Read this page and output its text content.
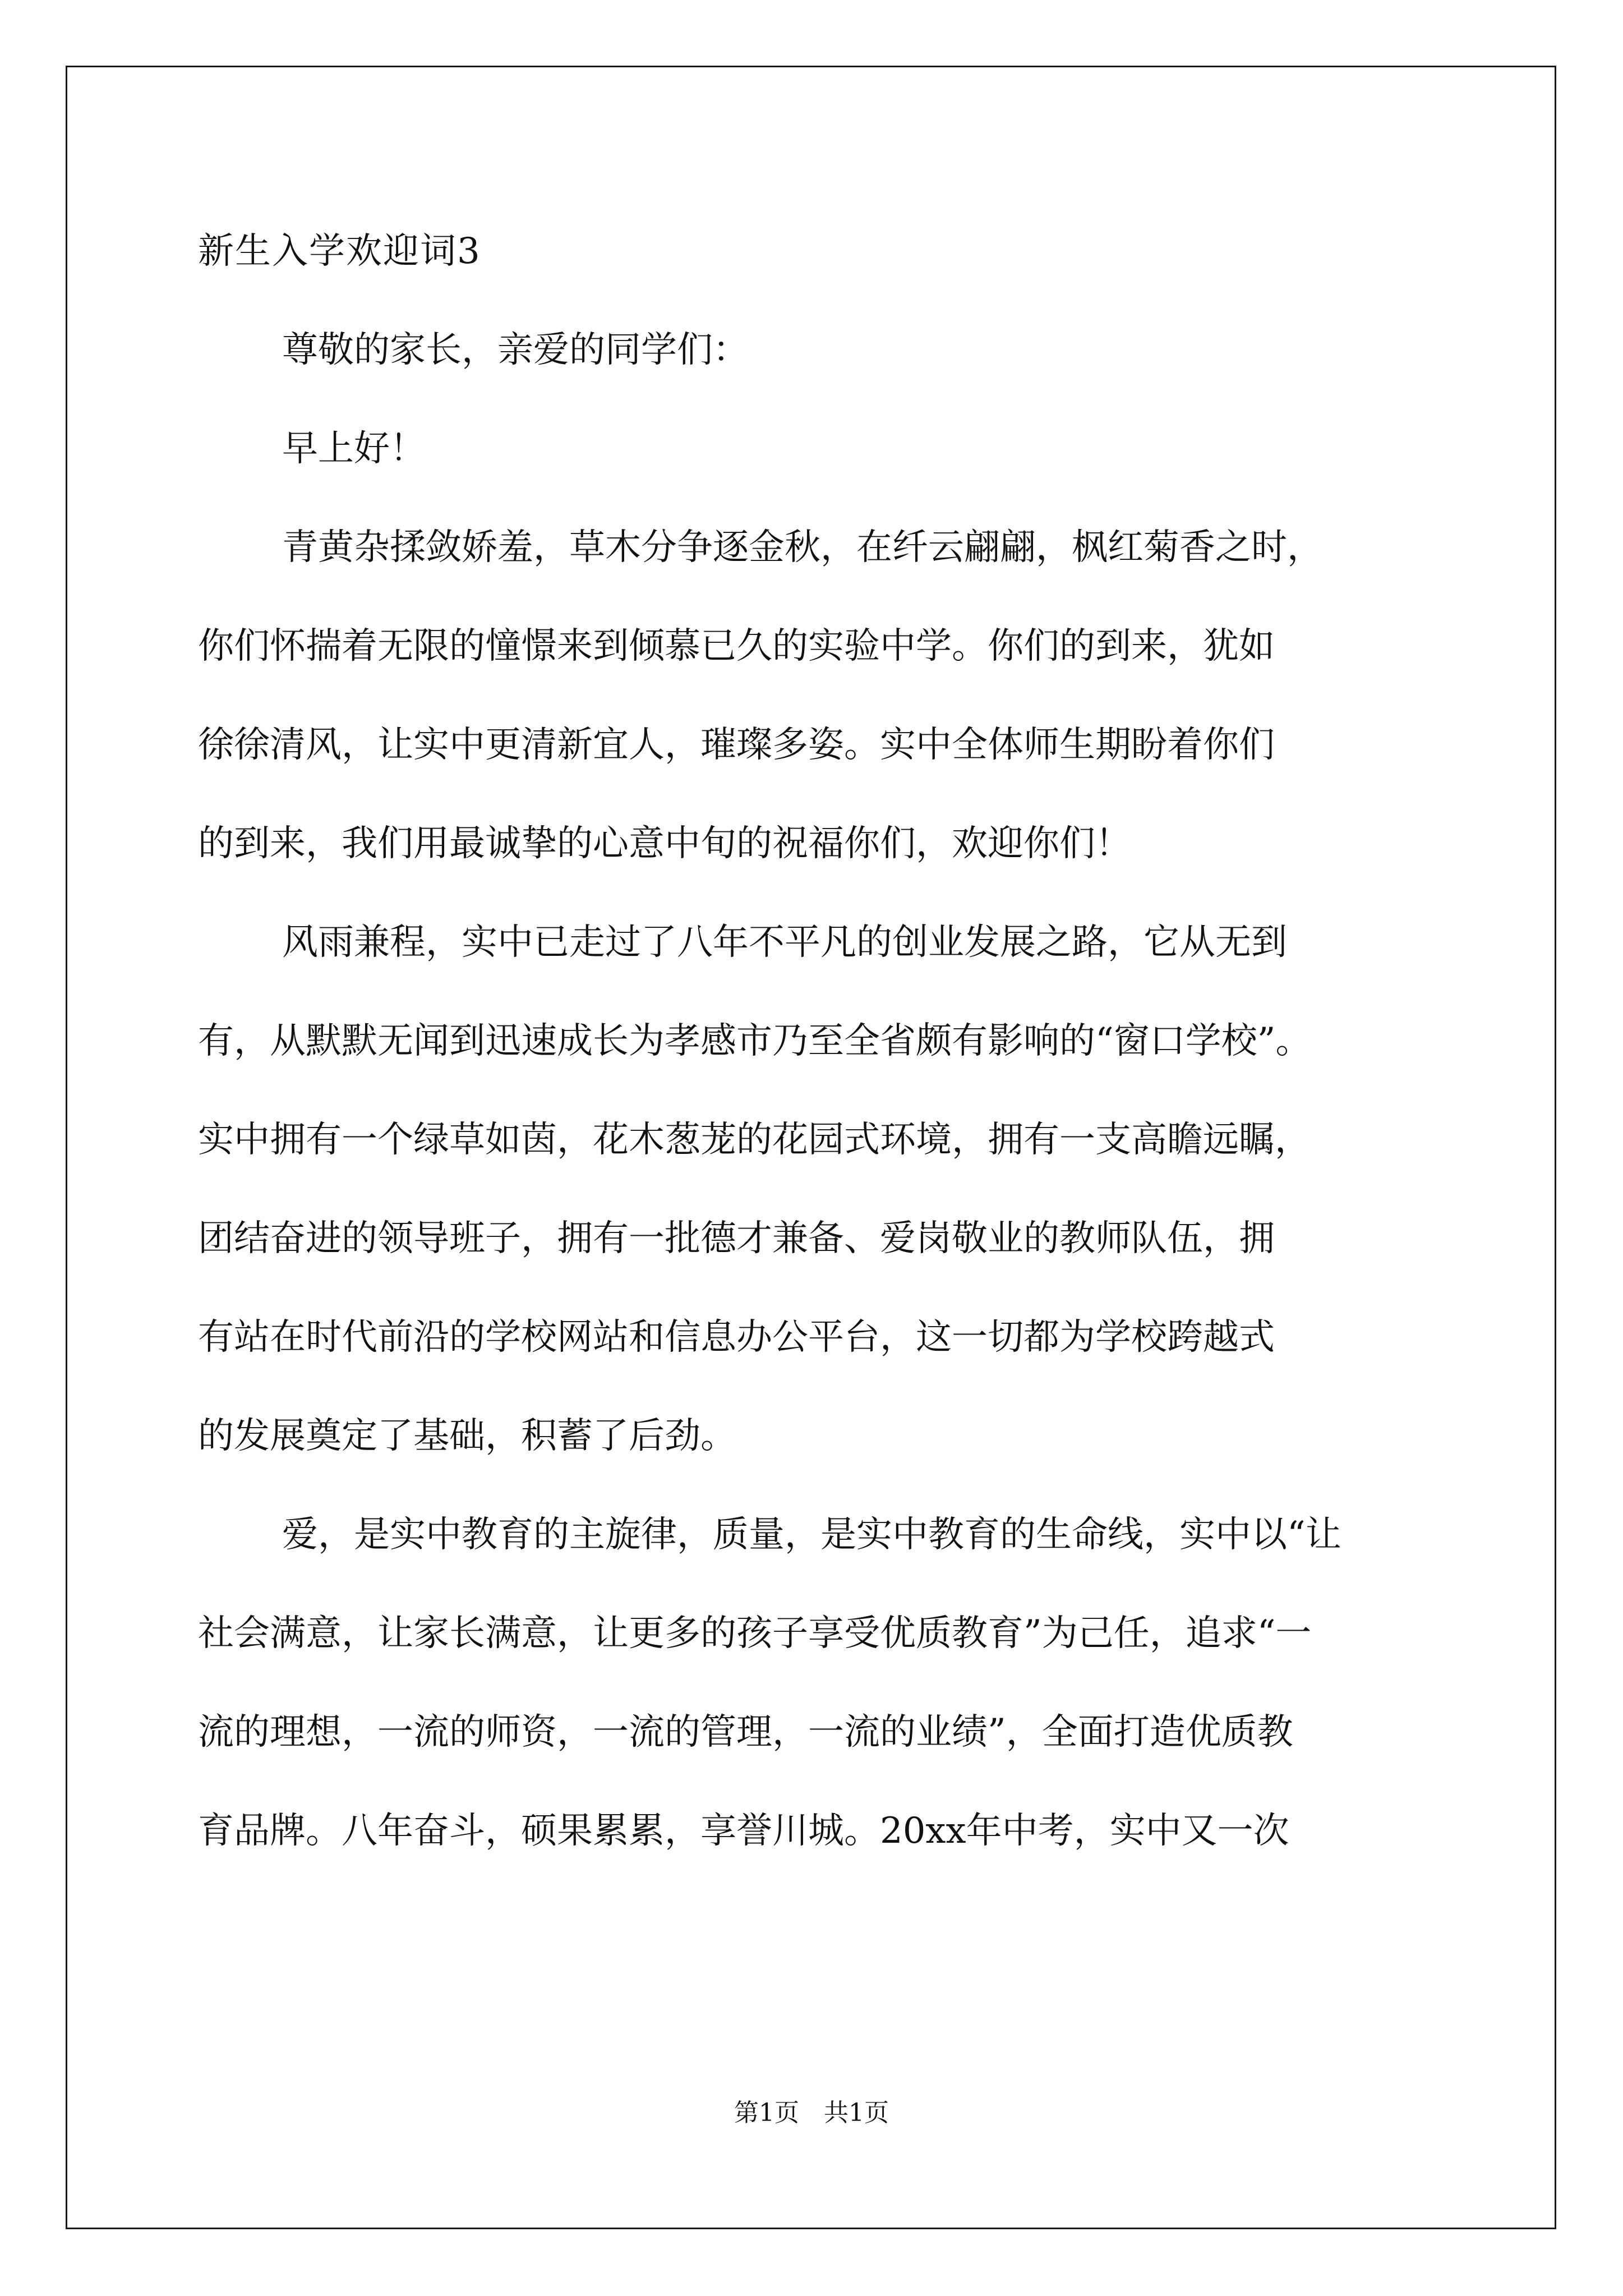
新生入学欢迎词3
尊敬的家长，亲爱的同学们：
早上好！
青黄杂揉敛娇羞，草木分争逐金秋，在纤云翩翩，枫红菊香之时，
你们怀揣着无限的憧憬来到倾慕已久的实验中学。你们的到来，犹如
徐徐清风，让实中更清新宜人，璀璨多姿。实中全体师生期盼着你们
的到来，我们用最诚挚的心意中旬的祝福你们，欢迎你们！
风雨兼程，实中已走过了八年不平凡的创业发展之路，它从无到
有，从默默无闻到迅速成长为孝感市乃至全省颇有影响的“窗口学校”。
实中拥有一个绿草如茵，花木葱茏的花园式环境，拥有一支高瞻远瞩，
团结奋进的领导班子，拥有一批德才兼备、爱岗敬业的教师队伍，拥
有站在时代前沿的学校网站和信息办公平台，这一切都为学校跨越式
的发展奠定了基础，积蓄了后劲。
爱，是实中教育的主旋律，质量，是实中教育的生命线，实中以“让
社会满意，让家长满意，让更多的孩子享受优质教育”为己任，追求“一
流的理想，一流的师资，一流的管理，一流的业绩”，全面打造优质教
育品牌。八年奋斗，硕果累累，享誉川城。20xx年中考，实中又一次
第1页 共1页
